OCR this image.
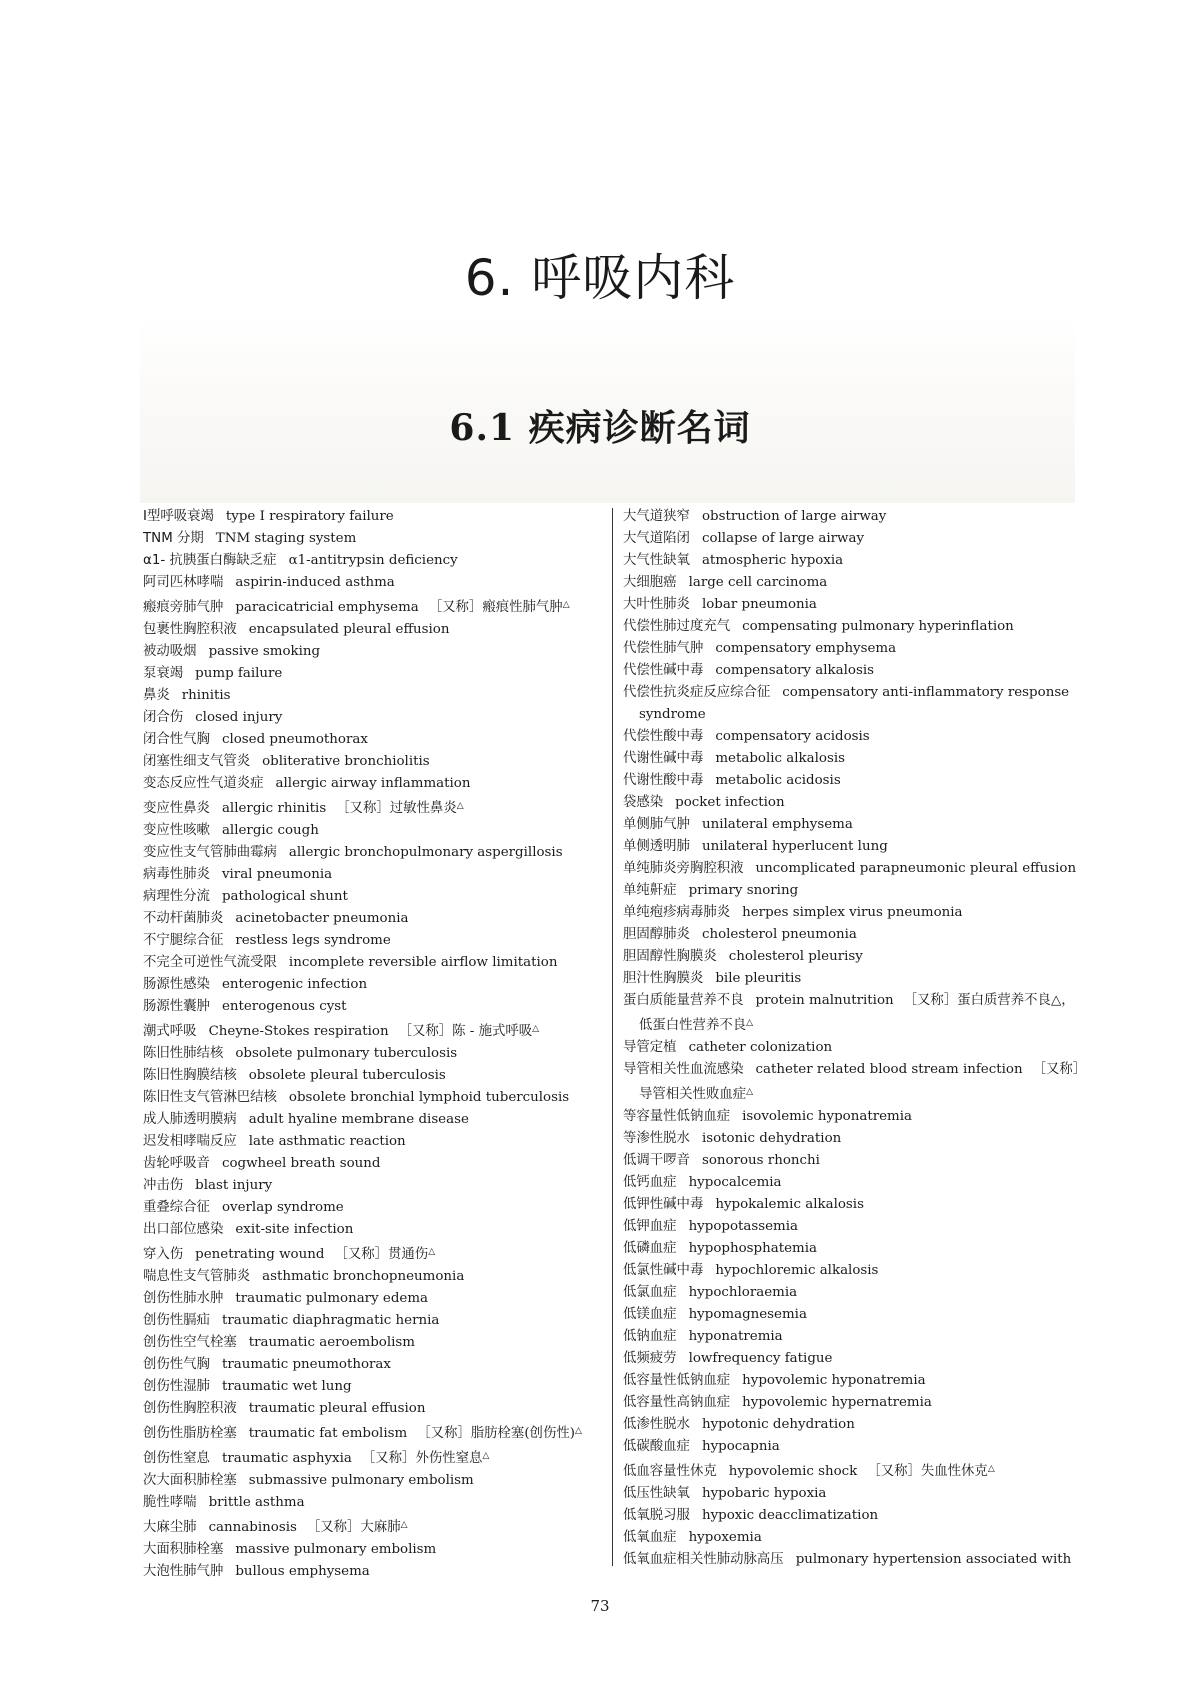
6. 呼吸内科
6.1 疾病诊断名词
Ⅰ型呼吸衰竭 type Ⅰ respiratory failure
TNM 分期 TNM staging system
α1- 抗胰蛋白酶缺乏症 α1-antitrypsin deficiency
阿司匹林哮喘 aspirin-induced asthma
瘢痕旁肺气肿 paracicatricial emphysema ［又称］瘢痕性肺气肿△
包裹性胸腔积液 encapsulated pleural effusion
被动吸烟 passive smoking
泵衰竭 pump failure
鼻炎 rhinitis
闭合伤 closed injury
闭合性气胸 closed pneumothorax
闭塞性细支气管炎 obliterative bronchiolitis
变态反应性气道炎症 allergic airway inflammation
变应性鼻炎 allergic rhinitis ［又称］过敏性鼻炎△
变应性咳嗽 allergic cough
变应性支气管肺曲霉病 allergic bronchopulmonary aspergillosis
病毒性肺炎 viral pneumonia
病理性分流 pathological shunt
不动杆菌肺炎 acinetobacter pneumonia
不宁腿综合征 restless legs syndrome
不完全可逆性气流受限 incomplete reversible airflow limitation
肠源性感染 enterogenic infection
肠源性囊肿 enterogenous cyst
潮式呼吸 Cheyne-Stokes respiration ［又称］陈 - 施式呼吸△
陈旧性肺结核 obsolete pulmonary tuberculosis
陈旧性胸膜结核 obsolete pleural tuberculosis
陈旧性支气管淋巴结核 obsolete bronchial lymphoid tuberculosis
成人肺透明膜病 adult hyaline membrane disease
迟发相哮喘反应 late asthmatic reaction
齿轮呼吸音 cogwheel breath sound
冲击伤 blast injury
重叠综合征 overlap syndrome
出口部位感染 exit-site infection
穿入伤 penetrating wound ［又称］贯通伤△
喘息性支气管肺炎 asthmatic bronchopneumonia
创伤性肺水肿 traumatic pulmonary edema
创伤性膈疝 traumatic diaphragmatic hernia
创伤性空气栓塞 traumatic aeroembolism
创伤性气胸 traumatic pneumothorax
创伤性湿肺 traumatic wet lung
创伤性胸腔积液 traumatic pleural effusion
创伤性脂肪栓塞 traumatic fat embolism ［又称］脂肪栓塞(创伤性)△
创伤性窒息 traumatic asphyxia ［又称］外伤性窒息△
次大面积肺栓塞 submassive pulmonary embolism
脆性哮喘 brittle asthma
大麻尘肺 cannabinosis ［又称］大麻肺△
大面积肺栓塞 massive pulmonary embolism
大泡性肺气肿 bullous emphysema
大气道狭窄 obstruction of large airway
大气道陷闭 collapse of large airway
大气性缺氧 atmospheric hypoxia
大细胞癌 large cell carcinoma
大叶性肺炎 lobar pneumonia
代偿性肺过度充气 compensating pulmonary hyperinflation
代偿性肺气肿 compensatory emphysema
代偿性碱中毒 compensatory alkalosis
代偿性抗炎症反应综合征 compensatory anti-inflammatory response syndrome
代偿性酸中毒 compensatory acidosis
代谢性碱中毒 metabolic alkalosis
代谢性酸中毒 metabolic acidosis
袋感染 pocket infection
单侧肺气肿 unilateral emphysema
单侧透明肺 unilateral hyperlucent lung
单纯肺炎旁胸腔积液 uncomplicated parapneumonic pleural effusion
单纯鼾症 primary snoring
单纯疱疹病毒肺炎 herpes simplex virus pneumonia
胆固醇肺炎 cholesterol pneumonia
胆固醇性胸膜炎 cholesterol pleurisy
胆汁性胸膜炎 bile pleuritis
蛋白质能量营养不良 protein malnutrition ［又称］蛋白质营养不良△，低蛋白性营养不良△
导管定植 catheter colonization
导管相关性血流感染 catheter related blood stream infection ［又称］导管相关性败血症△
等容量性低钠血症 isovolemic hyponatremia
等渗性脱水 isotonic dehydration
低调干啰音 sonorous rhonchi
低钙血症 hypocalcemia
低钾性碱中毒 hypokalemic alkalosis
低钾血症 hypopotassemia
低磷血症 hypophosphatemia
低氯性碱中毒 hypochloremic alkalosis
低氯血症 hypochloraemia
低镁血症 hypomagnesemia
低钠血症 hyponatremia
低频疲劳 lowfrequency fatigue
低容量性低钠血症 hypovolemic hyponatremia
低容量性高钠血症 hypovolemic hypernatremia
低渗性脱水 hypotonic dehydration
低碳酸血症 hypocapnia
低血容量性休克 hypovolemic shock ［又称］失血性休克△
低压性缺氧 hypobaric hypoxia
低氧脱习服 hypoxic deacclimatization
低氧血症 hypoxemia
低氧血症相关性肺动脉高压 pulmonary hypertension associated with
73
